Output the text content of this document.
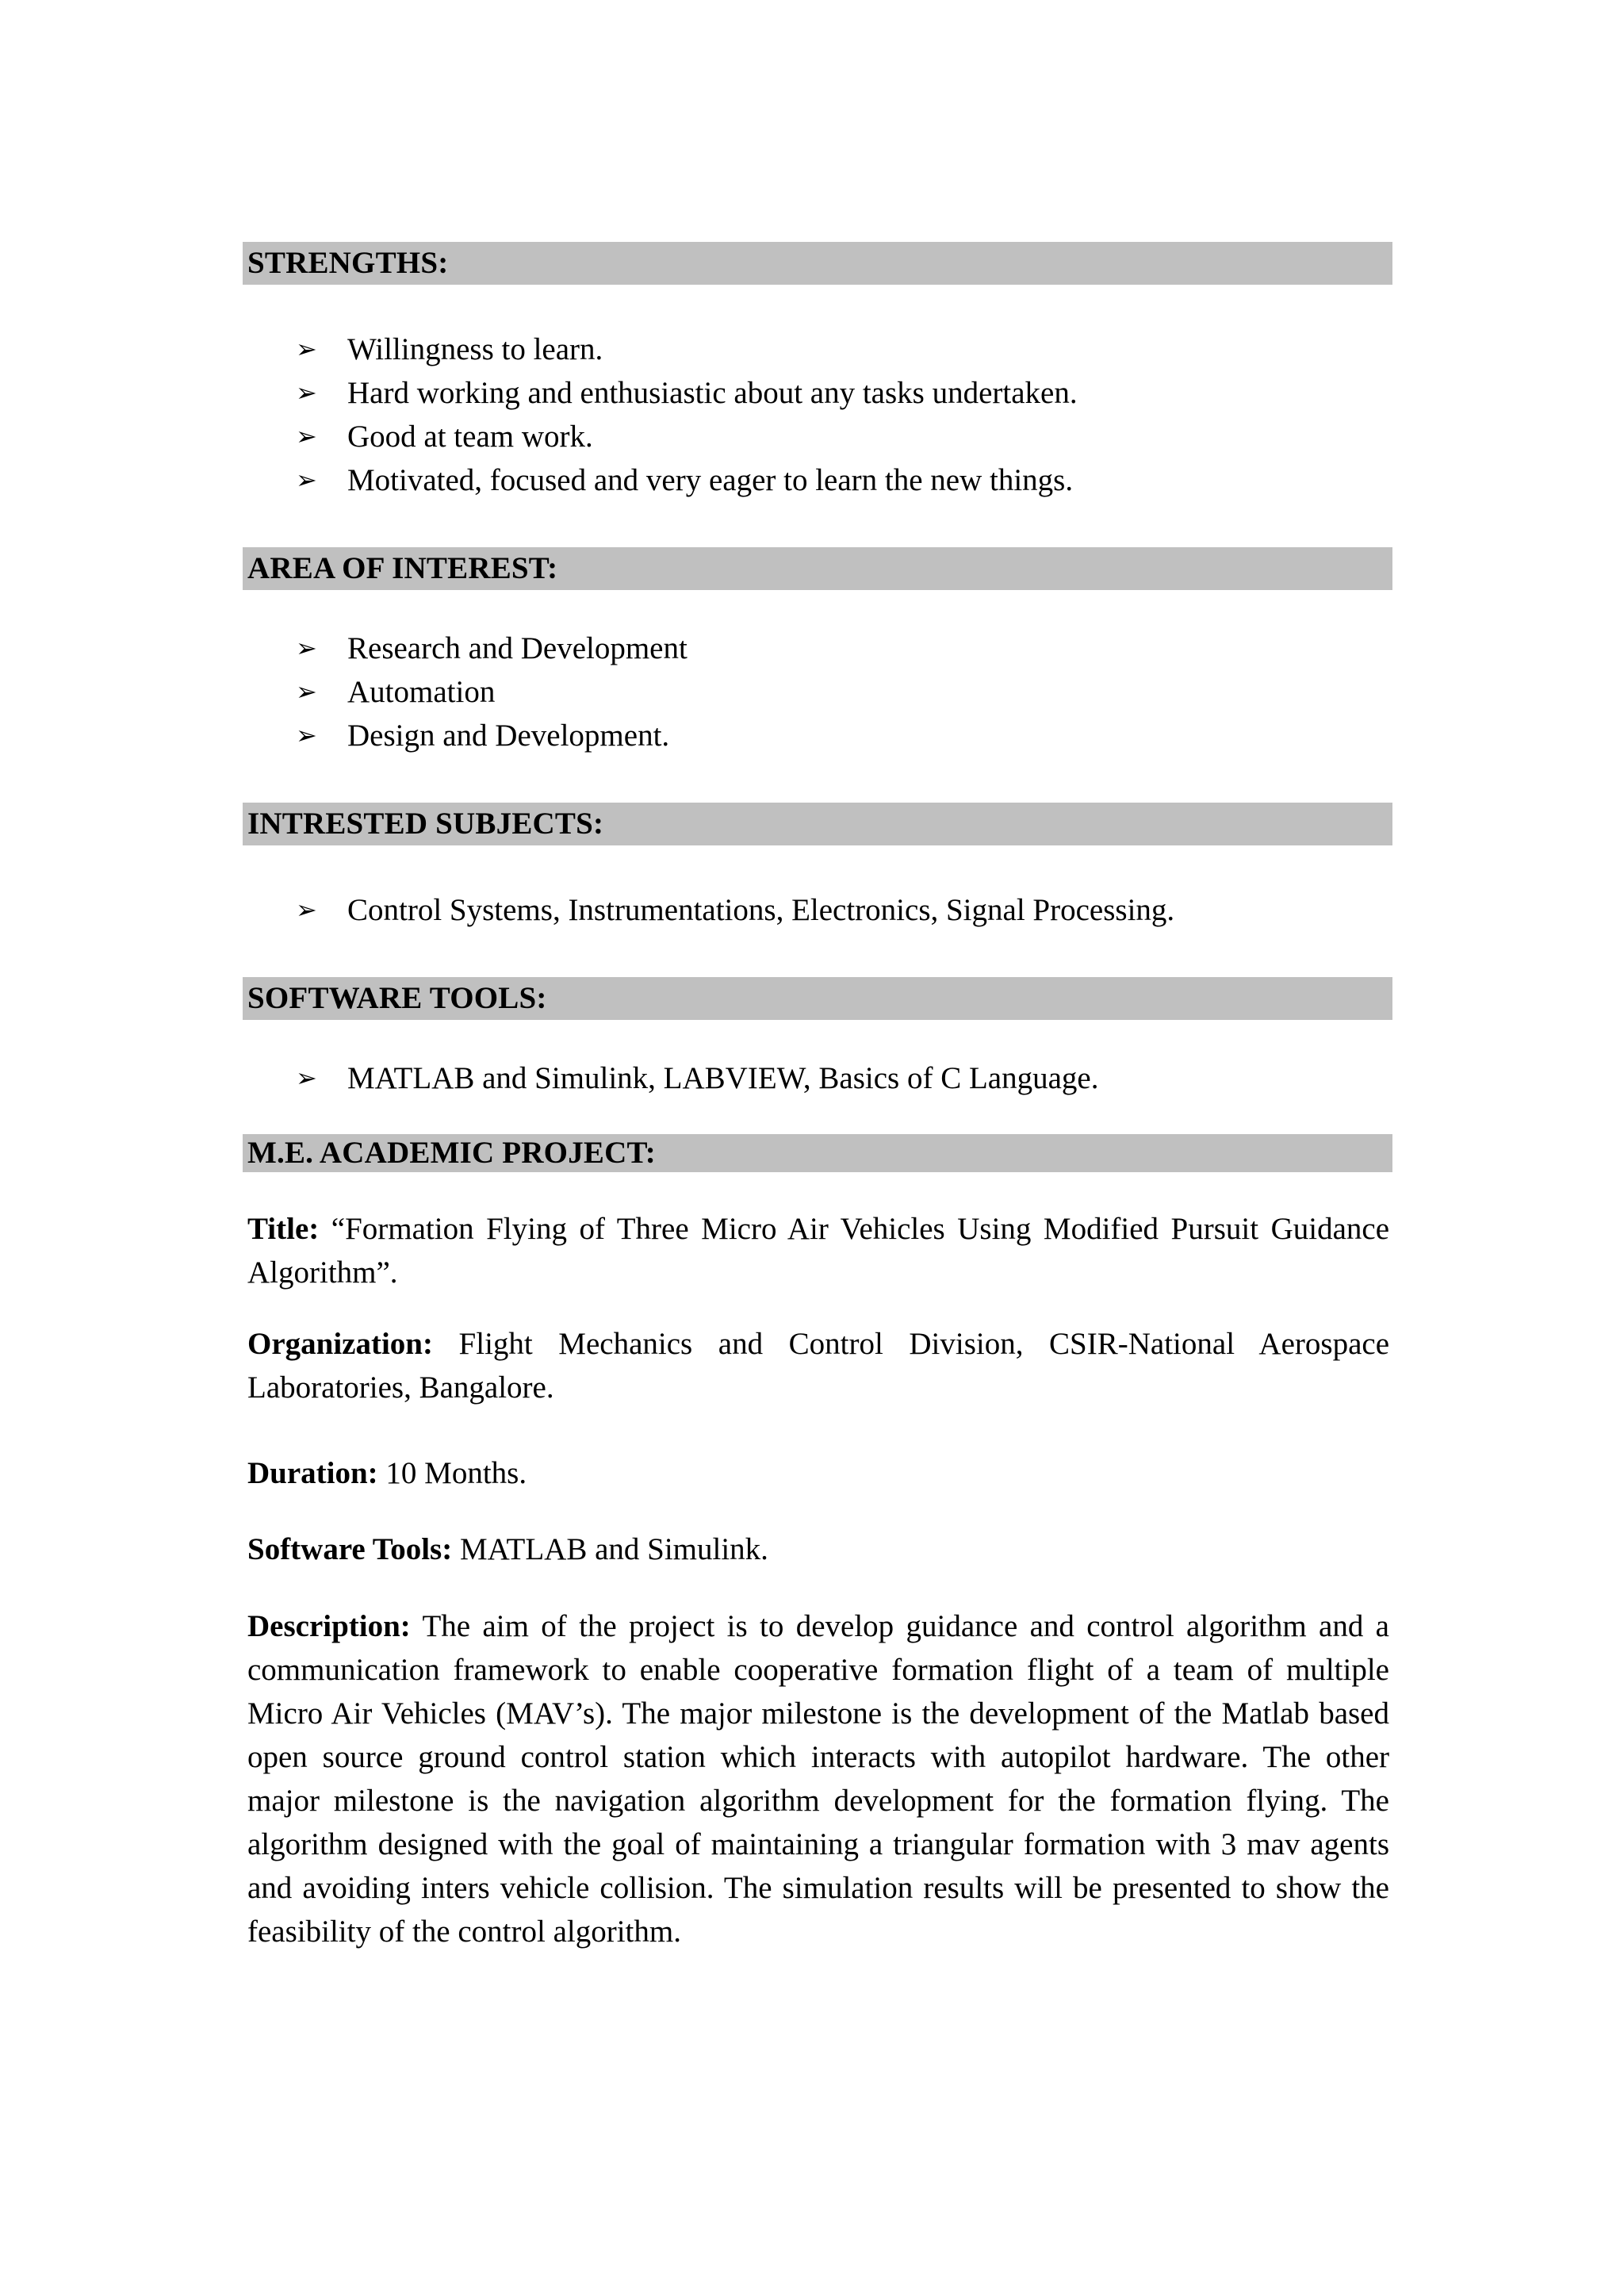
STRENGTHS:
➢ Willingness to learn.
➢ Hard working and enthusiastic about any tasks undertaken.
➢ Good at team work.
➢ Motivated, focused and very eager to learn the new things.
AREA OF INTEREST:
➢ Research and Development
➢ Automation
➢ Design and Development.
INTRESTED SUBJECTS:
➢ Control Systems, Instrumentations, Electronics, Signal Processing.
SOFTWARE TOOLS:
➢ MATLAB and Simulink, LABVIEW, Basics of C Language.
M.E. ACADEMIC PROJECT:

Title: “Formation Flying of Three Micro Air Vehicles Using Modified Pursuit Guidance Algorithm”.

Organization: Flight Mechanics and Control Division, CSIR-National Aerospace Laboratories, Bangalore.

Duration: 10 Months.

Software Tools: MATLAB and Simulink.

Description: The aim of the project is to develop guidance and control algorithm and a communication framework to enable cooperative formation flight of a team of multiple Micro Air Vehicles (MAV’s). The major milestone is the development of the Matlab based open source ground control station which interacts with autopilot hardware. The other major milestone is the navigation algorithm development for the formation flying. The algorithm designed with the goal of maintaining a triangular formation with 3 mav agents and avoiding inters vehicle collision. The simulation results will be presented to show the feasibility of the control algorithm.
